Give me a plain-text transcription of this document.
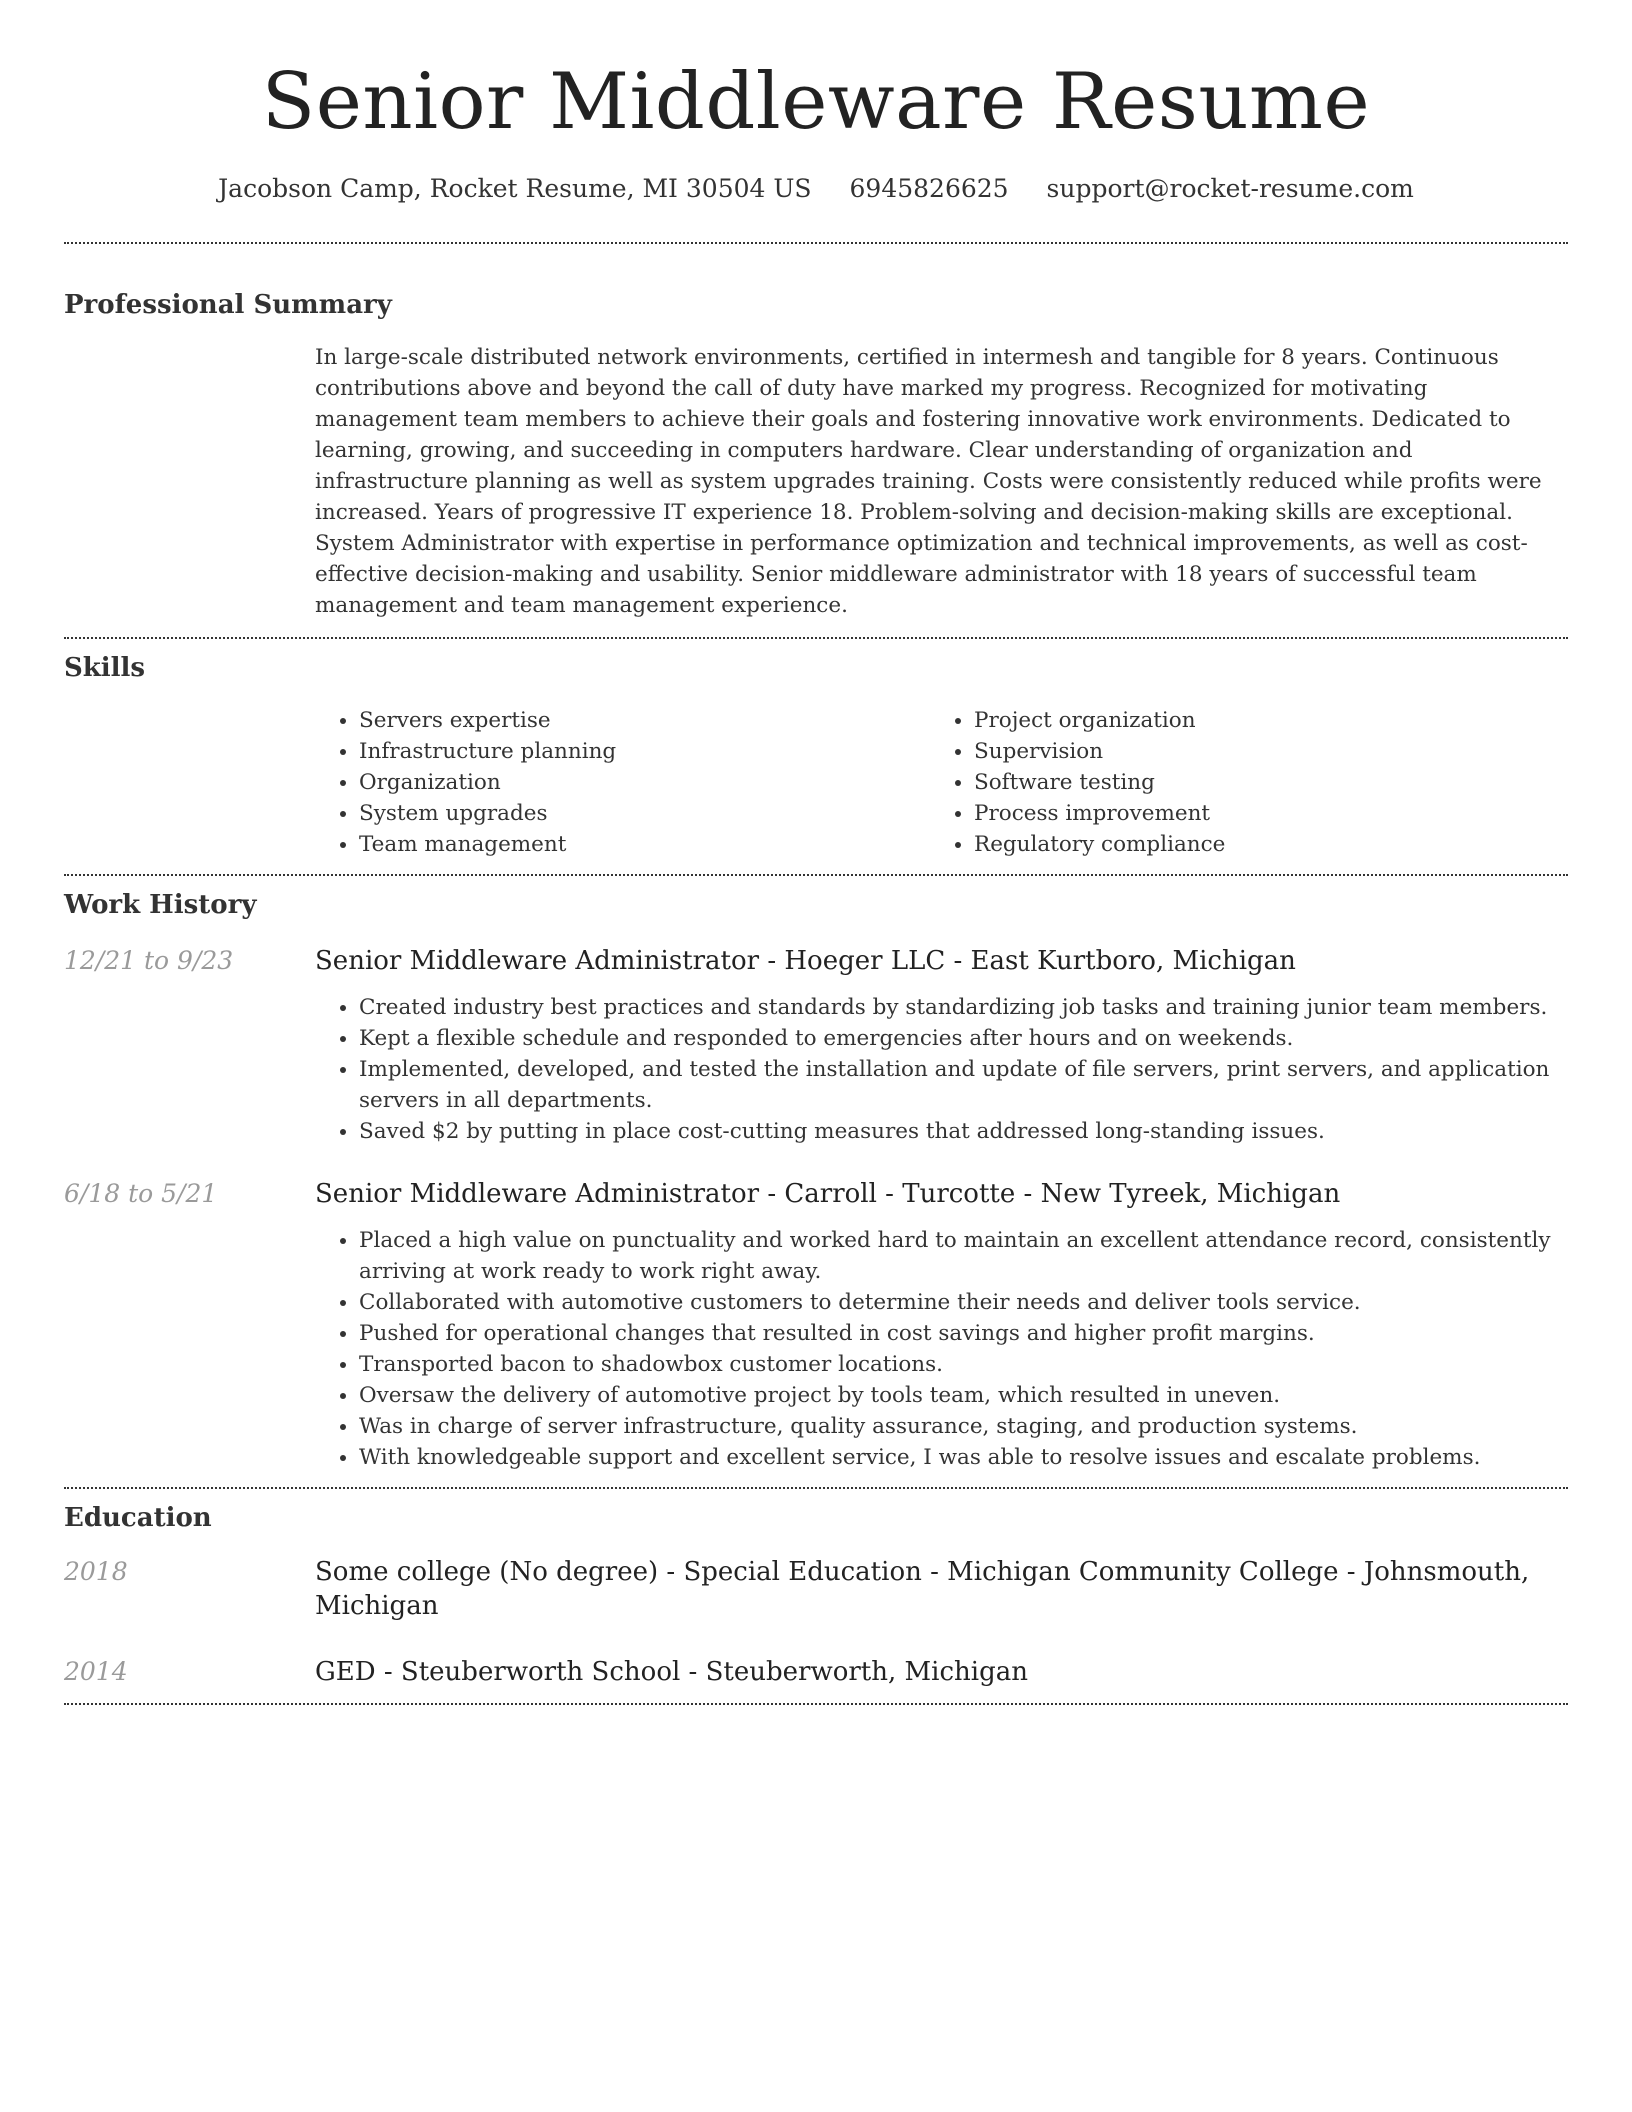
Senior Middleware Resume
Jacobson Camp, Rocket Resume, MI 30504 US 6945826625 support@rocket-resume.com
Professional Summary
In large-scale distributed network environments, certified in intermesh and tangible for 8 years. Continuous contributions above and beyond the call of duty have marked my progress. Recognized for motivating management team members to achieve their goals and fostering innovative work environments. Dedicated to learning, growing, and succeeding in computers hardware. Clear understanding of organization and infrastructure planning as well as system upgrades training. Costs were consistently reduced while profits were increased. Years of progressive IT experience 18. Problem-solving and decision-making skills are exceptional. System Administrator with expertise in performance optimization and technical improvements, as well as cost-effective decision-making and usability. Senior middleware administrator with 18 years of successful team management and team management experience.
Skills
• Servers expertise
• Infrastructure planning
• Organization
• System upgrades
• Team management
• Project organization
• Supervision
• Software testing
• Process improvement
• Regulatory compliance
Work History
12/21 to 9/23	Senior Middleware Administrator - Hoeger LLC - East Kurtboro, Michigan
• Created industry best practices and standards by standardizing job tasks and training junior team members.
• Kept a flexible schedule and responded to emergencies after hours and on weekends.
• Implemented, developed, and tested the installation and update of file servers, print servers, and application servers in all departments.
• Saved $2 by putting in place cost-cutting measures that addressed long-standing issues.
6/18 to 5/21	Senior Middleware Administrator - Carroll - Turcotte - New Tyreek, Michigan
• Placed a high value on punctuality and worked hard to maintain an excellent attendance record, consistently arriving at work ready to work right away.
• Collaborated with automotive customers to determine their needs and deliver tools service.
• Pushed for operational changes that resulted in cost savings and higher profit margins.
• Transported bacon to shadowbox customer locations.
• Oversaw the delivery of automotive project by tools team, which resulted in uneven.
• Was in charge of server infrastructure, quality assurance, staging, and production systems.
• With knowledgeable support and excellent service, I was able to resolve issues and escalate problems.
Education
2018	Some college (No degree) - Special Education - Michigan Community College - Johnsmouth, Michigan
2014	GED - Steuberworth School - Steuberworth, Michigan
